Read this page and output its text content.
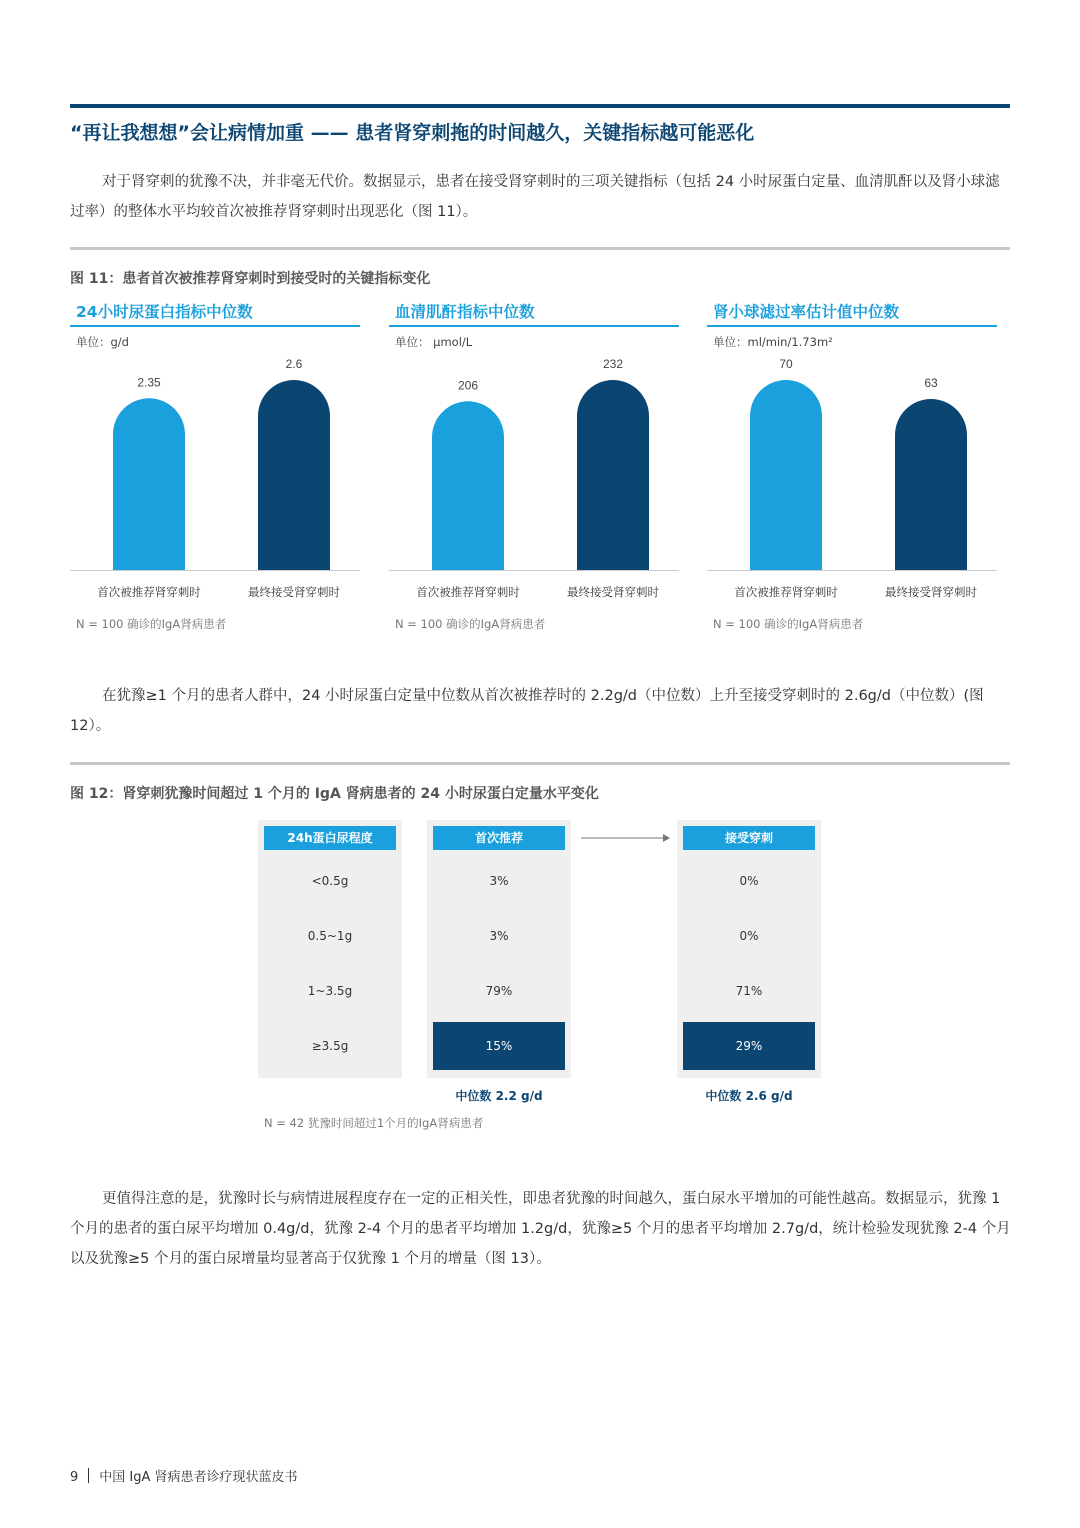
“再让我想想”会让病情加重 —— 患者肾穿刺拖的时间越久，关键指标越可能恶化

对于肾穿刺的犹豫不决，并非毫无代价。数据显示，患者在接受肾穿刺时的三项关键指标（包括 24 小时尿蛋白定量、血清肌酐以及肾小球滤过率）的整体水平均较首次被推荐肾穿刺时出现恶化（图 11）。

图 11：患者首次被推荐肾穿刺时到接受时的关键指标变化
24小时尿蛋白指标中位数
单位：g/d
2.35
首次被推荐肾穿刺时
2.6
最终接受肾穿刺时
N = 100 确诊的IgA肾病患者
血清肌酐指标中位数
单位： μmol/L
206
首次被推荐肾穿刺时
232
最终接受肾穿刺时
N = 100 确诊的IgA肾病患者
肾小球滤过率估计值中位数
单位：ml/min/1.73m²
70
首次被推荐肾穿刺时
63
最终接受肾穿刺时
N = 100 确诊的IgA肾病患者

在犹豫≥1 个月的患者人群中，24 小时尿蛋白定量中位数从首次被推荐时的 2.2g/d（中位数）上升至接受穿刺时的 2.6g/d（中位数）(图 12）。

图 12：肾穿刺犹豫时间超过 1 个月的 IgA 肾病患者的 24 小时尿蛋白定量水平变化
24h蛋白尿程度
<0.5g
0.5~1g
1~3.5g
≥3.5g
首次推荐
3%
3%
79%
15%
接受穿刺
0%
0%
71%
29%
中位数 2.2 g/d	中位数 2.6 g/d
N = 42 犹豫时间超过1个月的IgA肾病患者

更值得注意的是，犹豫时长与病情进展程度存在一定的正相关性，即患者犹豫的时间越久，蛋白尿水平增加的可能性越高。数据显示，犹豫 1 个月的患者的蛋白尿平均增加 0.4g/d，犹豫 2-4 个月的患者平均增加 1.2g/d，犹豫≥5 个月的患者平均增加 2.7g/d，统计检验发现犹豫 2-4 个月以及犹豫≥5 个月的蛋白尿增量均显著高于仅犹豫 1 个月的增量（图 13）。

9 中国 IgA 肾病患者诊疗现状蓝皮书
